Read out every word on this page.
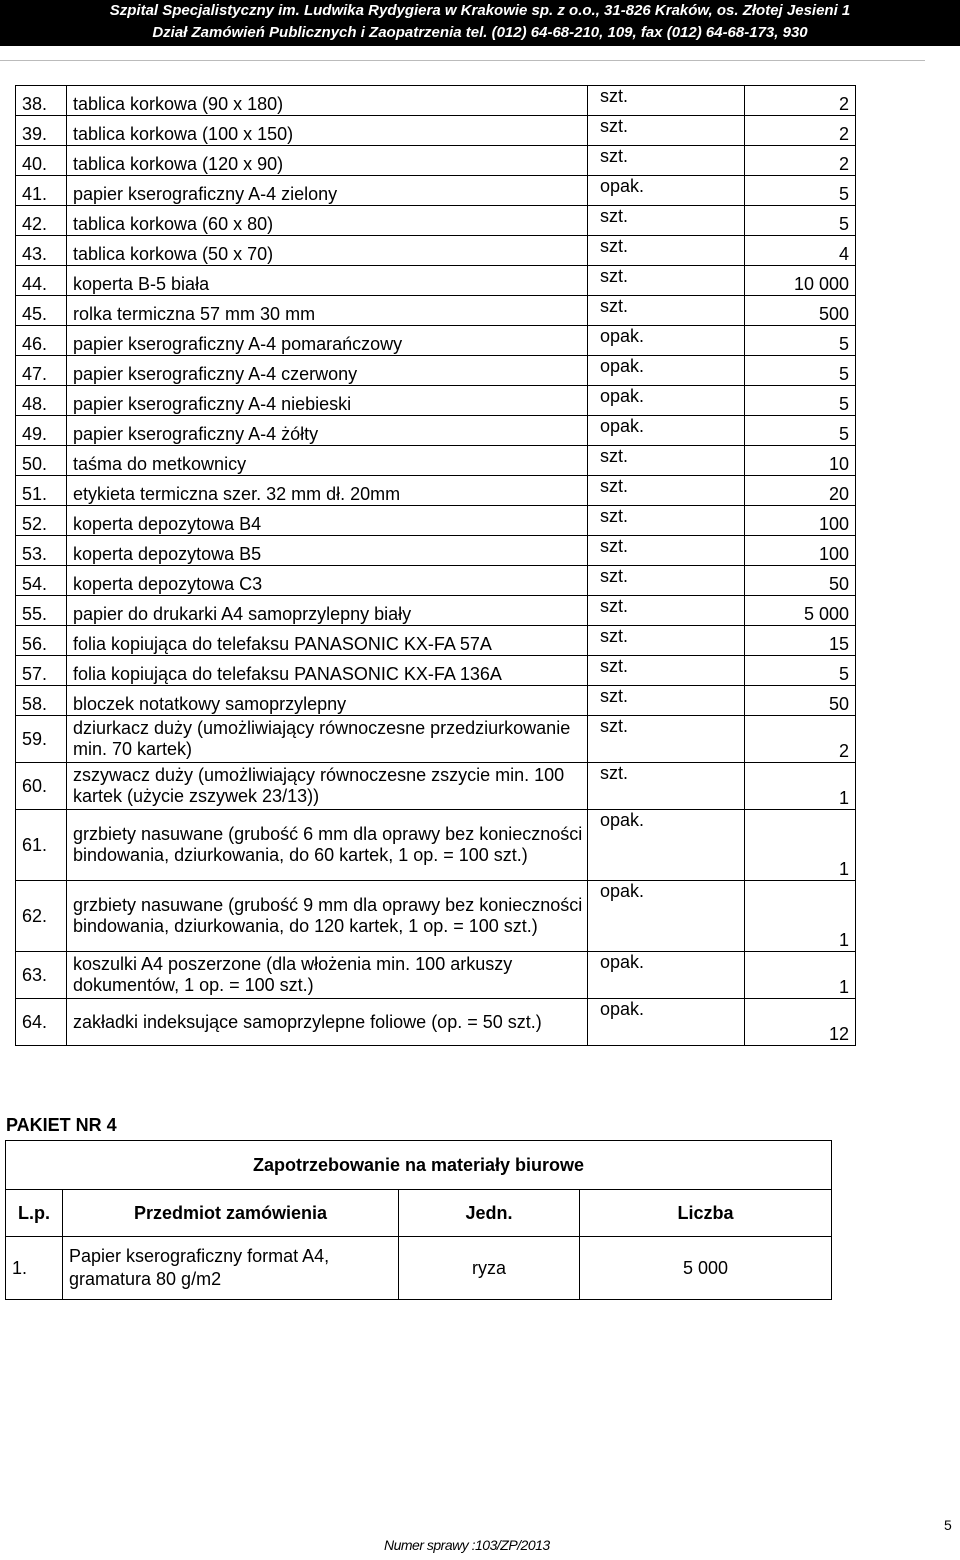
Szpital Specjalistyczny im. Ludwika Rydygiera w Krakowie sp. z o.o., 31-826 Kraków, os. Złotej Jesieni 1
Dział Zamówień Publicznych i Zaopatrzenia tel. (012) 64-68-210, 109, fax (012) 64-68-173, 930
38.	tablica korkowa (90 x 180)	szt.	2
39.	tablica korkowa (100 x 150)	szt.	2
40.	tablica korkowa (120 x 90)	szt.	2
41.	papier kserograficzny A-4 zielony	opak.	5
42.	tablica korkowa (60 x 80)	szt.	5
43.	tablica korkowa (50 x 70)	szt.	4
44.	koperta B-5 biała	szt.	10 000
45.	rolka termiczna 57 mm 30 mm	szt.	500
46.	papier kserograficzny A-4 pomarańczowy	opak.	5
47.	papier kserograficzny A-4 czerwony	opak.	5
48.	papier kserograficzny A-4 niebieski	opak.	5
49.	papier kserograficzny A-4 żółty	opak.	5
50.	taśma do metkownicy	szt.	10
51.	etykieta termiczna szer. 32 mm dł. 20mm	szt.	20
52.	koperta depozytowa B4	szt.	100
53.	koperta depozytowa B5	szt.	100
54.	koperta depozytowa C3	szt.	50
55.	papier do drukarki A4 samoprzylepny biały	szt.	5 000
56.	folia kopiująca do telefaksu PANASONIC KX-FA 57A	szt.	15
57.	folia kopiująca do telefaksu PANASONIC KX-FA 136A	szt.	5
58.	bloczek notatkowy samoprzylepny	szt.	50
59.	dziurkacz duży (umożliwiający równoczesne przedziurkowanie min. 70 kartek)	szt.	2
60.	zszywacz duży (umożliwiający równoczesne zszycie min. 100 kartek (użycie zszywek 23/13))	szt.	1
61.	grzbiety nasuwane (grubość 6 mm dla oprawy bez konieczności bindowania, dziurkowania, do 60 kartek, 1 op. = 100 szt.)	opak.	1
62.	grzbiety nasuwane (grubość 9 mm dla oprawy bez konieczności bindowania, dziurkowania, do 120 kartek, 1 op. = 100 szt.)	opak.	1
63.	koszulki A4 poszerzone (dla włożenia min. 100 arkuszy dokumentów, 1 op. = 100 szt.)	opak.	1
64.	zakładki indeksujące samoprzylepne foliowe (op. = 50 szt.)	opak.	12
PAKIET NR 4
Zapotrzebowanie na materiały biurowe			
L.p.	Przedmiot zamówienia	Jedn.	Liczba
1.	Papier kserograficzny format A4, gramatura 80 g/m2	ryza	5 000
Numer sprawy :103/ZP/2013
5
